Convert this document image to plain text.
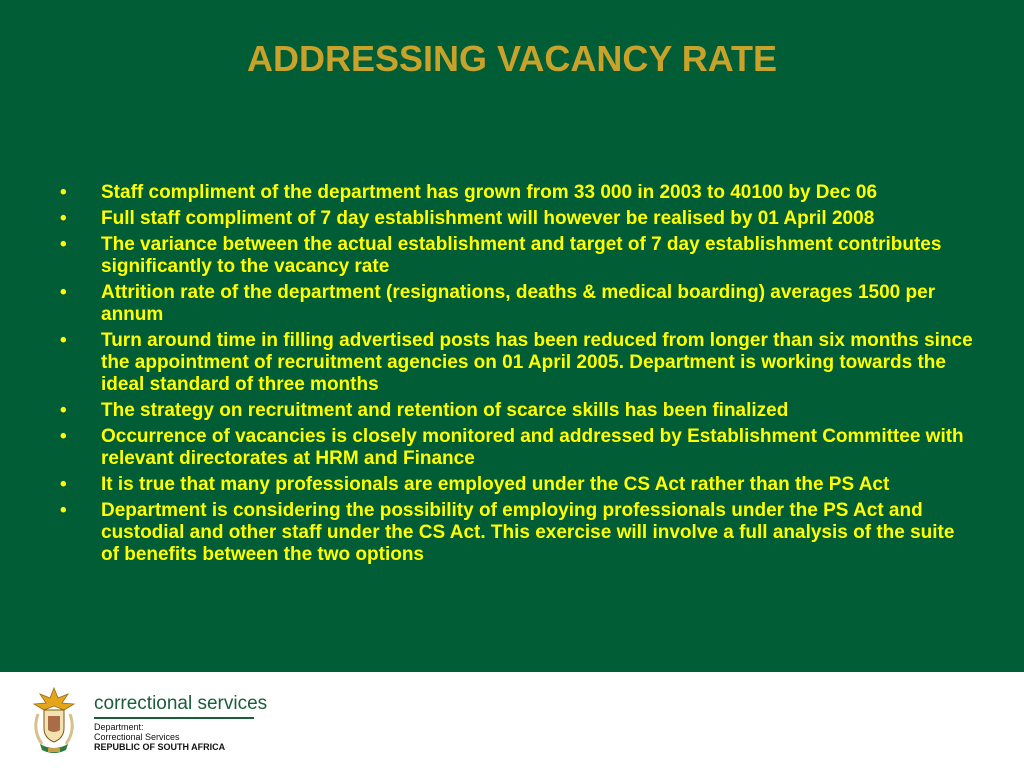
ADDRESSING VACANCY RATE
•	Staff compliment of the department has grown from 33 000 in 2003 to 40100 by Dec 06
•	Full staff compliment of 7 day establishment will however be realised by 01 April 2008
•	The variance between the actual establishment and target of 7 day establishment contributes significantly to the vacancy rate
•	Attrition rate of the department (resignations, deaths & medical boarding) averages 1500 per annum
•	Turn around time in filling advertised posts has been reduced from longer than six months since the appointment of recruitment agencies on 01 April 2005. Department is working towards the ideal standard of three months
•	The strategy on recruitment and retention of scarce skills has been finalized
•	Occurrence of vacancies is closely monitored and addressed by Establishment Committee with relevant directorates at HRM and Finance
•	It is true that many professionals are employed under the CS Act rather than the PS Act
•	Department is considering the possibility of employing professionals under the PS Act and custodial and other staff under the CS Act. This exercise will involve a full analysis of the suite of benefits between the two options
correctional services
Department:
Correctional Services
REPUBLIC OF SOUTH AFRICA
